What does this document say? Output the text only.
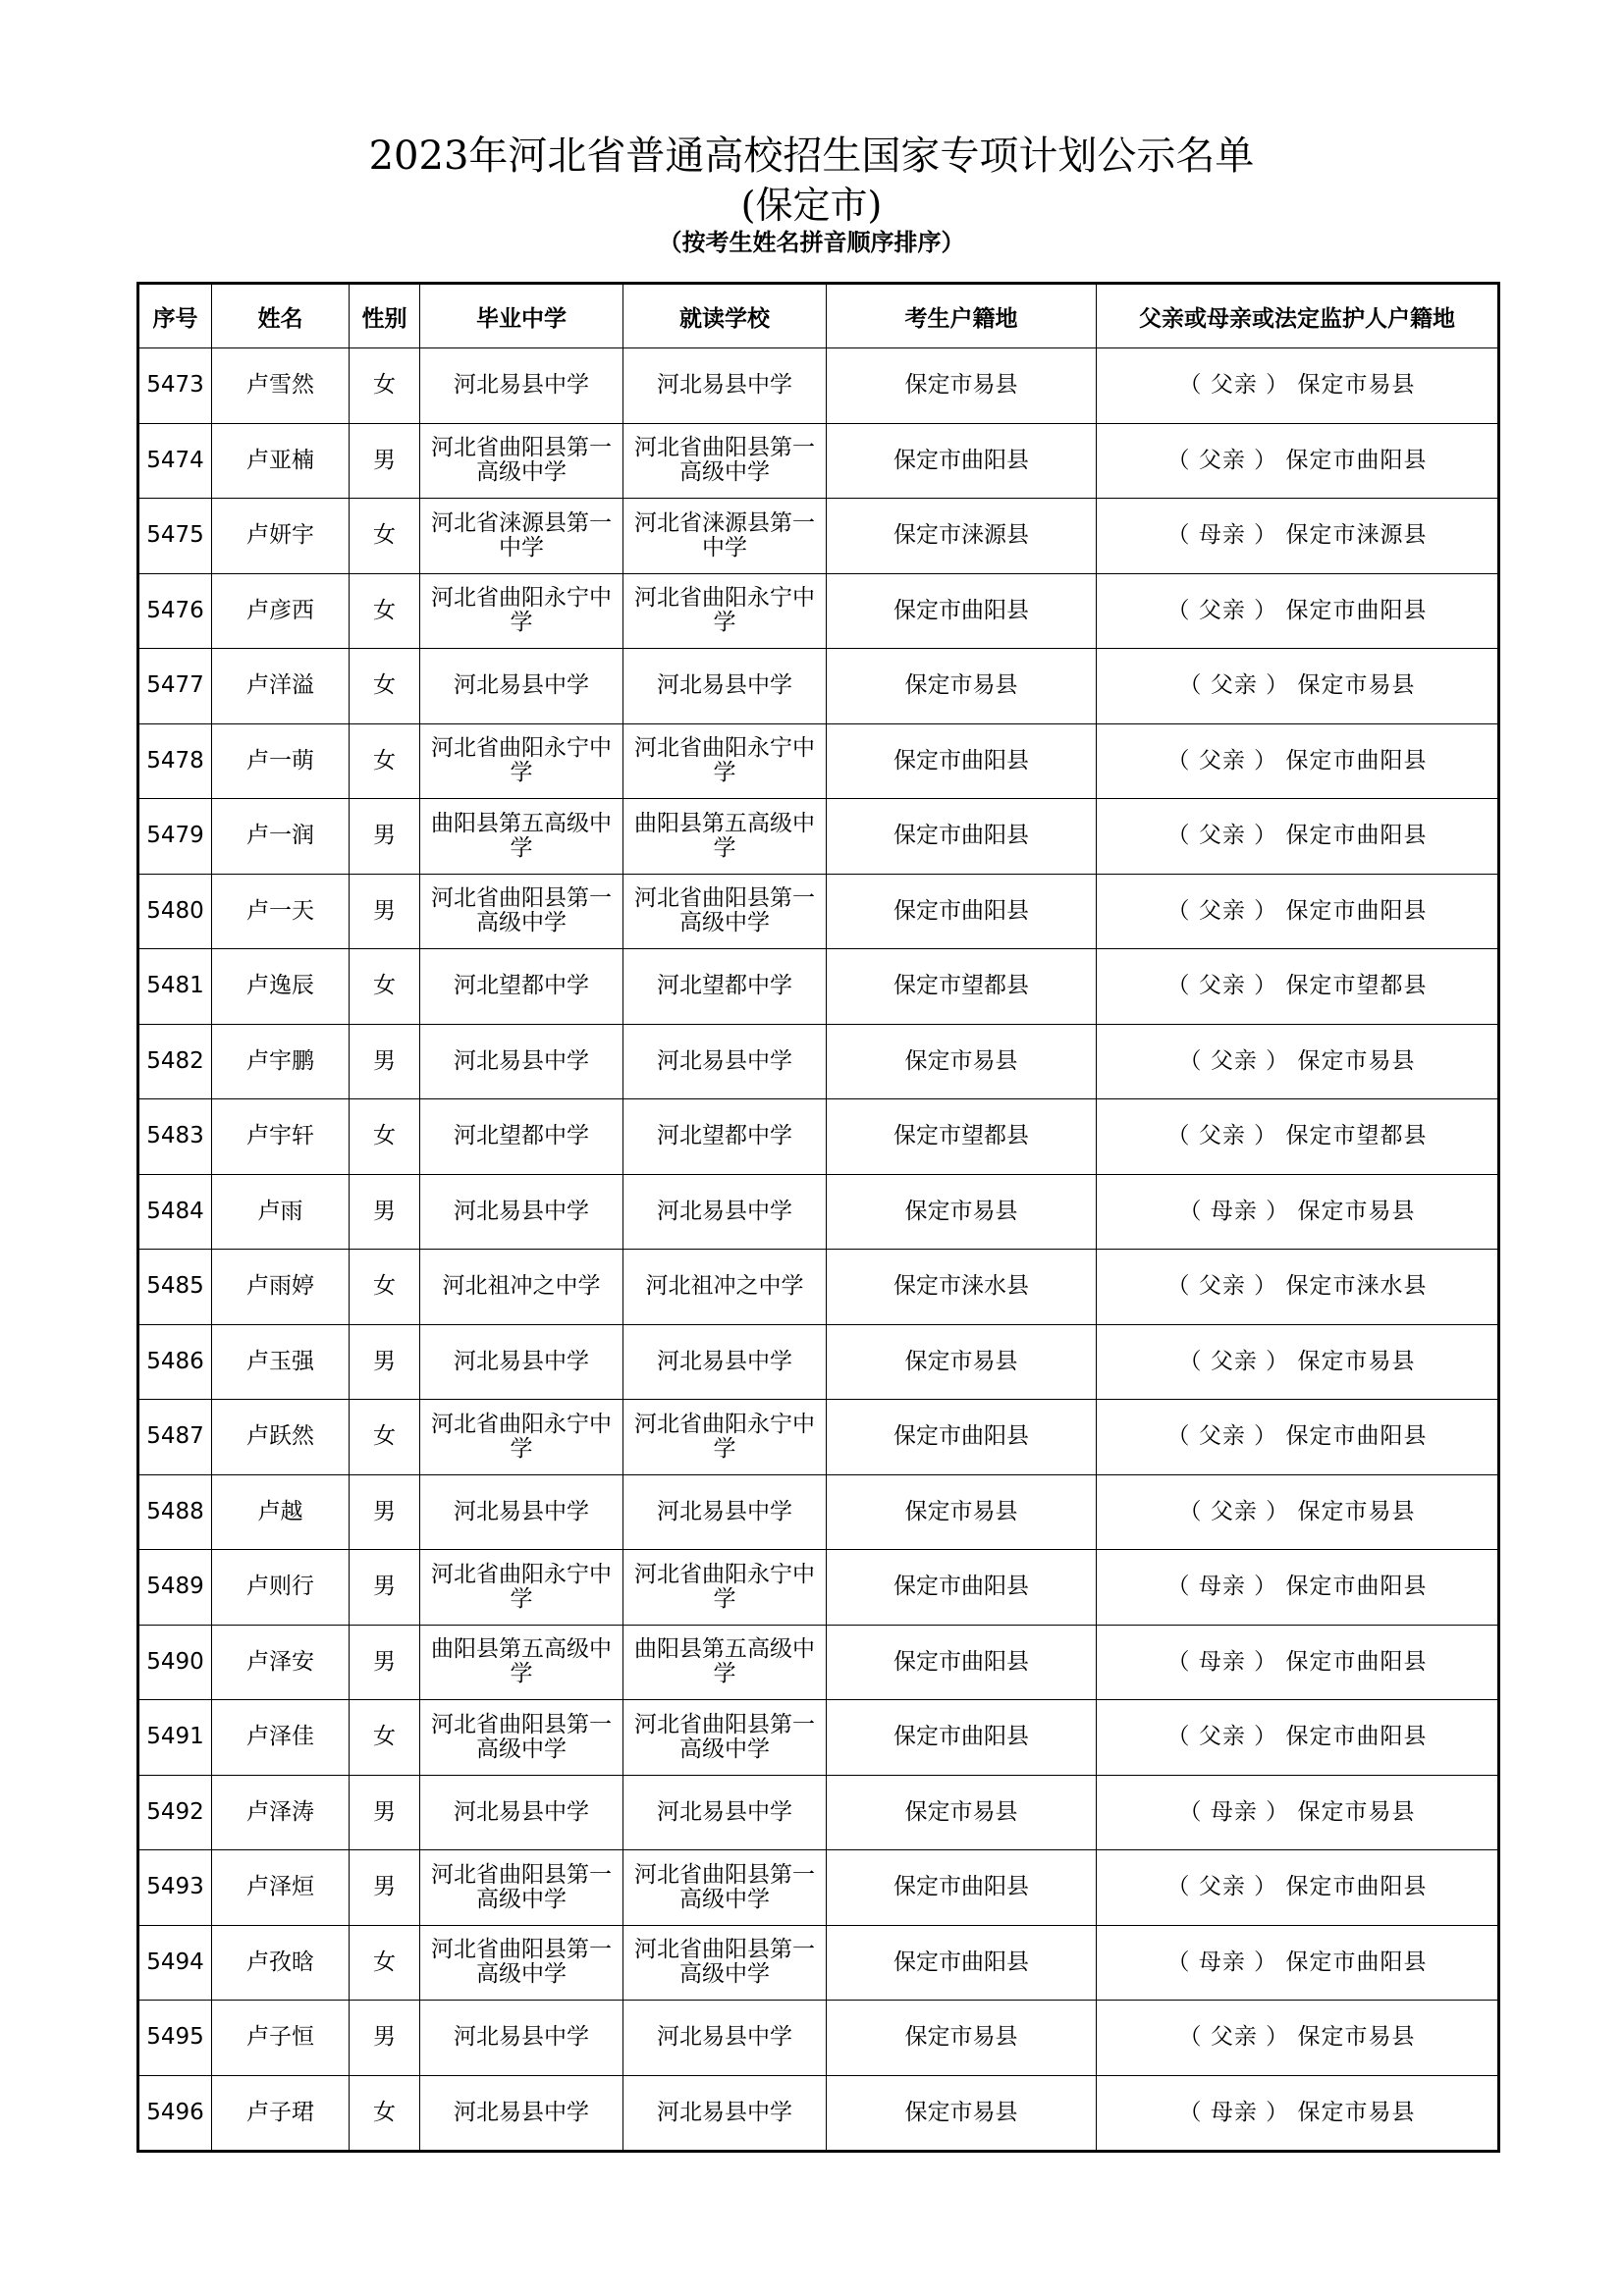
2023年河北省普通高校招生国家专项计划公示名单
(保定市)
（按考生姓名拼音顺序排序）
序号	姓名	性别	毕业中学	就读学校	考生户籍地	父亲或母亲或法定监护人户籍地
5473	卢雪然	女	河北易县中学	河北易县中学	保定市易县	（ 父亲 ） 保定市易县
5474	卢亚楠	男	河北省曲阳县第一高级中学	河北省曲阳县第一高级中学	保定市曲阳县	（ 父亲 ） 保定市曲阳县
5475	卢妍宇	女	河北省涞源县第一中学	河北省涞源县第一中学	保定市涞源县	（ 母亲 ） 保定市涞源县
5476	卢彦西	女	河北省曲阳永宁中学	河北省曲阳永宁中学	保定市曲阳县	（ 父亲 ） 保定市曲阳县
5477	卢洋溢	女	河北易县中学	河北易县中学	保定市易县	（ 父亲 ） 保定市易县
5478	卢一萌	女	河北省曲阳永宁中学	河北省曲阳永宁中学	保定市曲阳县	（ 父亲 ） 保定市曲阳县
5479	卢一润	男	曲阳县第五高级中学	曲阳县第五高级中学	保定市曲阳县	（ 父亲 ） 保定市曲阳县
5480	卢一天	男	河北省曲阳县第一高级中学	河北省曲阳县第一高级中学	保定市曲阳县	（ 父亲 ） 保定市曲阳县
5481	卢逸辰	女	河北望都中学	河北望都中学	保定市望都县	（ 父亲 ） 保定市望都县
5482	卢宇鹏	男	河北易县中学	河北易县中学	保定市易县	（ 父亲 ） 保定市易县
5483	卢宇轩	女	河北望都中学	河北望都中学	保定市望都县	（ 父亲 ） 保定市望都县
5484	卢雨	男	河北易县中学	河北易县中学	保定市易县	（ 母亲 ） 保定市易县
5485	卢雨婷	女	河北祖冲之中学	河北祖冲之中学	保定市涞水县	（ 父亲 ） 保定市涞水县
5486	卢玉强	男	河北易县中学	河北易县中学	保定市易县	（ 父亲 ） 保定市易县
5487	卢跃然	女	河北省曲阳永宁中学	河北省曲阳永宁中学	保定市曲阳县	（ 父亲 ） 保定市曲阳县
5488	卢越	男	河北易县中学	河北易县中学	保定市易县	（ 父亲 ） 保定市易县
5489	卢则行	男	河北省曲阳永宁中学	河北省曲阳永宁中学	保定市曲阳县	（ 母亲 ） 保定市曲阳县
5490	卢泽安	男	曲阳县第五高级中学	曲阳县第五高级中学	保定市曲阳县	（ 母亲 ） 保定市曲阳县
5491	卢泽佳	女	河北省曲阳县第一高级中学	河北省曲阳县第一高级中学	保定市曲阳县	（ 父亲 ） 保定市曲阳县
5492	卢泽涛	男	河北易县中学	河北易县中学	保定市易县	（ 母亲 ） 保定市易县
5493	卢泽烜	男	河北省曲阳县第一高级中学	河北省曲阳县第一高级中学	保定市曲阳县	（ 父亲 ） 保定市曲阳县
5494	卢孜晗	女	河北省曲阳县第一高级中学	河北省曲阳县第一高级中学	保定市曲阳县	（ 母亲 ） 保定市曲阳县
5495	卢子恒	男	河北易县中学	河北易县中学	保定市易县	（ 父亲 ） 保定市易县
5496	卢子珺	女	河北易县中学	河北易县中学	保定市易县	（ 母亲 ） 保定市易县
